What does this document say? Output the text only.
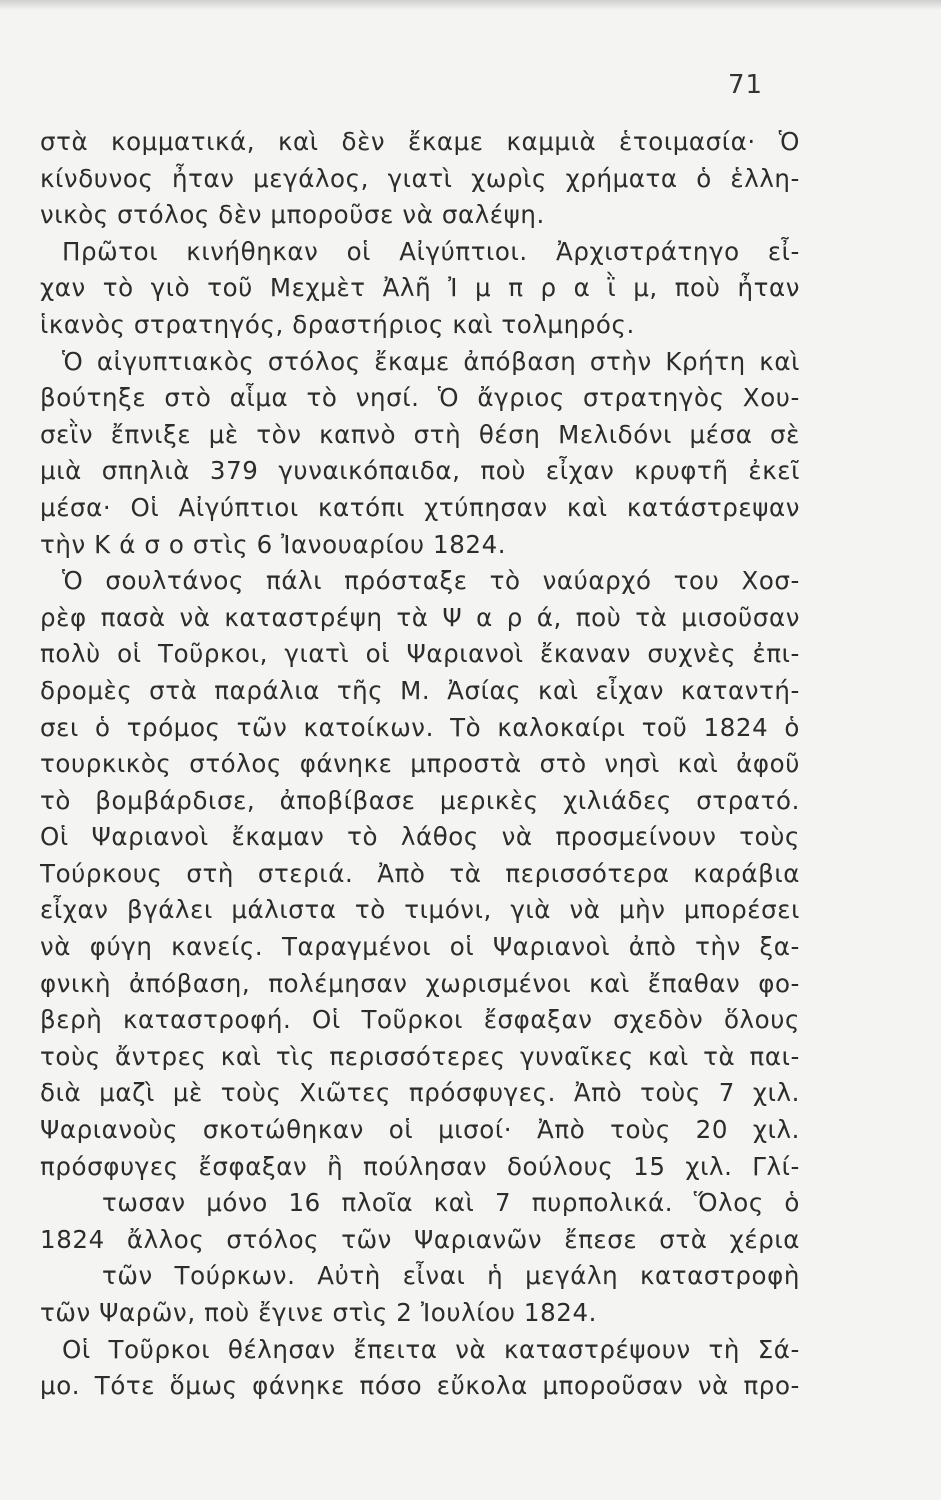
71
στὰ κομματικά, καὶ δὲν ἔκαμε καμμιὰ ἑτοιμασία· Ὁ
κίνδυνος ἦταν μεγάλος, γιατὶ χωρὶς χρήματα ὁ ἑλλη-
νικὸς στόλος δὲν μποροῦσε νὰ σαλέψη.
Πρῶτοι κινήθηκαν οἱ Αἰγύπτιοι. Ἀρχιστράτηγο εἶ-
χαν τὸ γιὸ τοῦ Μεχμὲτ Ἀλῆ Ἰ μ π ρ α ῒ μ, ποὺ ἦταν
ἱκανὸς στρατηγός, δραστήριος καὶ τολμηρός.
Ὁ αἰγυπτιακὸς στόλος ἔκαμε ἀπόβαση στὴν Κρήτη καὶ
βούτηξε στὸ αἷμα τὸ νησί. Ὁ ἄγριος στρατηγὸς Χου-
σεῒν ἔπνιξε μὲ τὸν καπνὸ στὴ θέση Μελιδόνι μέσα σὲ
μιὰ σπηλιὰ 379 γυναικόπαιδα, ποὺ εἶχαν κρυφτῆ ἐκεῖ
μέσα· Οἱ Αἰγύπτιοι κατόπι χτύπησαν καὶ κατάστρεψαν
τὴν Κ ά σ ο στὶς 6 Ἰανουαρίου 1824.
Ὁ σουλτάνος πάλι πρόσταξε τὸ ναύαρχό του Χοσ-
ρὲφ πασὰ νὰ καταστρέψη τὰ Ψ α ρ ά, ποὺ τὰ μισοῦσαν
πολὺ οἱ Τοῦρκοι, γιατὶ οἱ Ψαριανοὶ ἔκαναν συχνὲς ἐπι-
δρομὲς στὰ παράλια τῆς Μ. Ἀσίας καὶ εἶχαν καταντή-
σει ὁ τρόμος τῶν κατοίκων. Τὸ καλοκαίρι τοῦ 1824 ὁ
τουρκικὸς στόλος φάνηκε μπροστὰ στὸ νησὶ καὶ ἀφοῦ
τὸ βομβάρδισε, ἀποβίβασε μερικὲς χιλιάδες στρατό.
Οἱ Ψαριανοὶ ἔκαμαν τὸ λάθος νὰ προσμείνουν τοὺς
Τούρκους στὴ στεριά. Ἀπὸ τὰ περισσότερα καράβια
εἶχαν βγάλει μάλιστα τὸ τιμόνι, γιὰ νὰ μὴν μπορέσει
νὰ φύγη κανείς. Ταραγμένοι οἱ Ψαριανοὶ ἀπὸ τὴν ξα-
φνικὴ ἀπόβαση, πολέμησαν χωρισμένοι καὶ ἔπαθαν φο-
βερὴ καταστροφή. Οἱ Τοῦρκοι ἔσφαξαν σχεδὸν ὅλους
τοὺς ἄντρες καὶ τὶς περισσότερες γυναῖκες καὶ τὰ παι-
διὰ μαζὶ μὲ τοὺς Χιῶτες πρόσφυγες. Ἀπὸ τοὺς 7 χιλ.
Ψαριανοὺς σκοτώθηκαν οἱ μισοί· Ἀπὸ τοὺς 20 χιλ.
πρόσφυγες ἔσφαξαν ἢ πούλησαν δούλους 15 χιλ. Γλί-
τωσαν μόνο 16 πλοῖα καὶ 7 πυρπολικά. Ὅλος ὁ
1824 ἄλλος στόλος τῶν Ψαριανῶν ἔπεσε στὰ χέρια
τῶν Τούρκων. Αὐτὴ εἶναι ἡ μεγάλη καταστροφὴ
τῶν Ψαρῶν, ποὺ ἔγινε στὶς 2 Ἰουλίου 1824.
Οἱ Τοῦρκοι θέλησαν ἔπειτα νὰ καταστρέψουν τὴ Σά-
μο. Τότε ὅμως φάνηκε πόσο εὔκολα μποροῦσαν νὰ προ-
